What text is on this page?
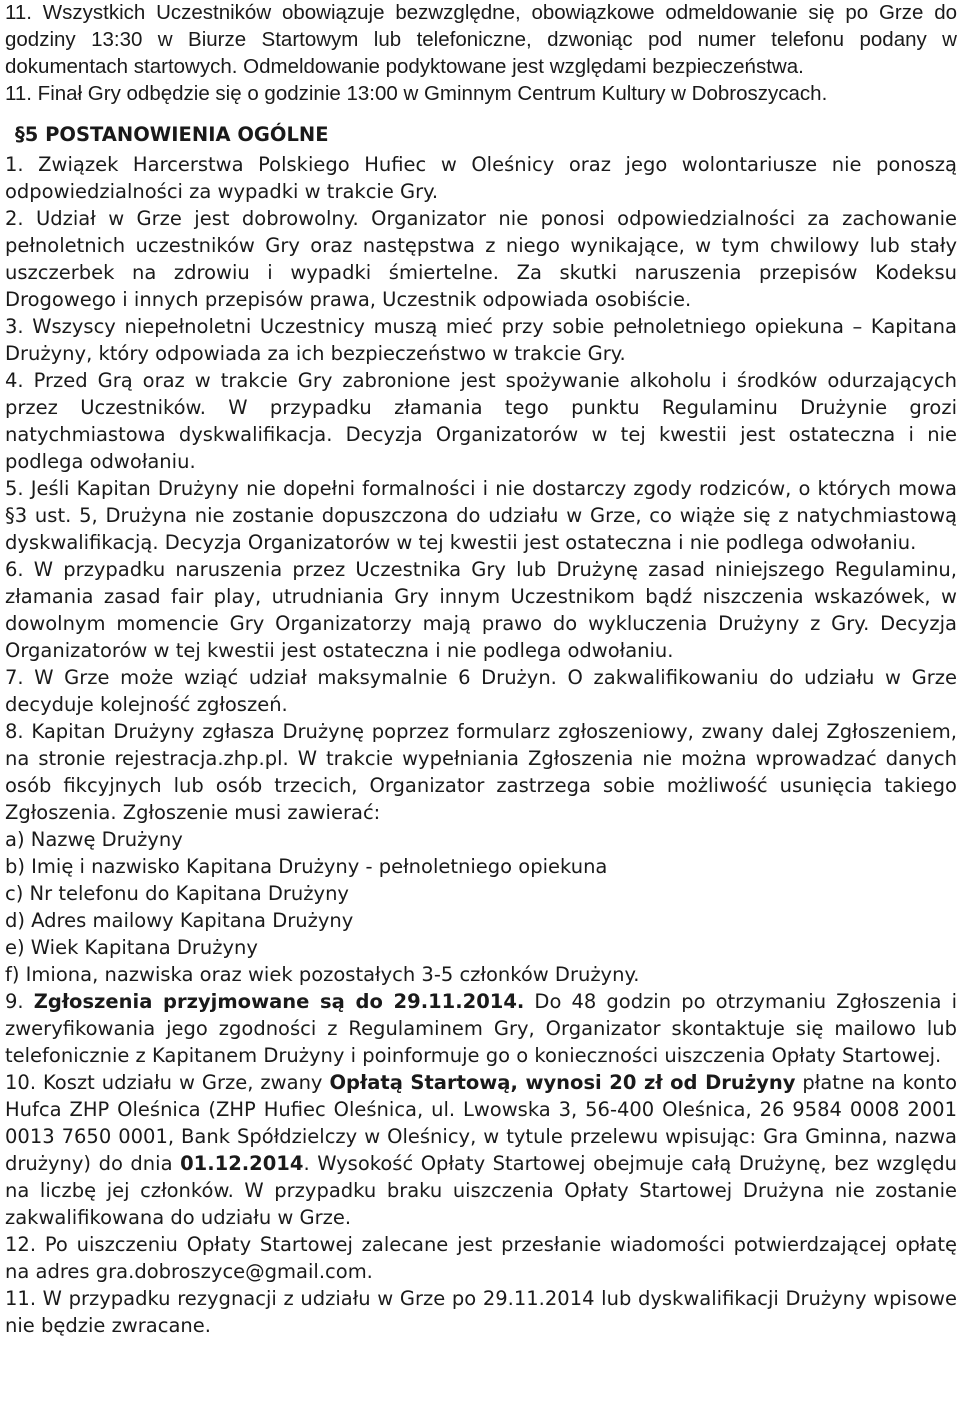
11. Wszystkich Uczestników obowiązuje bezwzględne, obowiązkowe odmeldowanie się po Grze do godziny 13:30 w Biurze Startowym lub telefoniczne, dzwoniąc pod numer telefonu podany w dokumentach startowych. Odmeldowanie podyktowane jest względami bezpieczeństwa.

11. Finał Gry odbędzie się o godzinie 13:00 w Gminnym Centrum Kultury w Dobroszycach.

§5 POSTANOWIENIA OGÓLNE

1. Związek Harcerstwa Polskiego Hufiec w Oleśnicy oraz jego wolontariusze nie ponoszą odpowiedzialności za wypadki w trakcie Gry.

2. Udział w Grze jest dobrowolny. Organizator nie ponosi odpowiedzialności za zachowanie pełnoletnich uczestników Gry oraz następstwa z niego wynikające, w tym chwilowy lub stały uszczerbek na zdrowiu i wypadki śmiertelne. Za skutki naruszenia przepisów Kodeksu Drogowego i innych przepisów prawa, Uczestnik odpowiada osobiście.

3. Wszyscy niepełnoletni Uczestnicy muszą mieć przy sobie pełnoletniego opiekuna – Kapitana Drużyny, który odpowiada za ich bezpieczeństwo w trakcie Gry.

4. Przed Grą oraz w trakcie Gry zabronione jest spożywanie alkoholu i środków odurzających przez Uczestników. W przypadku złamania tego punktu Regulaminu Drużynie grozi natychmiastowa dyskwalifikacja. Decyzja Organizatorów w tej kwestii jest ostateczna i nie podlega odwołaniu.

5. Jeśli Kapitan Drużyny nie dopełni formalności i nie dostarczy zgody rodziców, o których mowa §3 ust. 5, Drużyna nie zostanie dopuszczona do udziału w Grze, co wiąże się z natychmiastową dyskwalifikacją. Decyzja Organizatorów w tej kwestii jest ostateczna i nie podlega odwołaniu.

6. W przypadku naruszenia przez Uczestnika Gry lub Drużynę zasad niniejszego Regulaminu, złamania zasad fair play, utrudniania Gry innym Uczestnikom bądź niszczenia wskazówek, w dowolnym momencie Gry Organizatorzy mają prawo do wykluczenia Drużyny z Gry. Decyzja Organizatorów w tej kwestii jest ostateczna i nie podlega odwołaniu.

7. W Grze może wziąć udział maksymalnie 6 Drużyn. O zakwalifikowaniu do udziału w Grze decyduje kolejność zgłoszeń.

8. Kapitan Drużyny zgłasza Drużynę poprzez formularz zgłoszeniowy, zwany dalej Zgłoszeniem, na stronie rejestracja.zhp.pl. W trakcie wypełniania Zgłoszenia nie można wprowadzać danych osób fikcyjnych lub osób trzecich, Organizator zastrzega sobie możliwość usunięcia takiego Zgłoszenia. Zgłoszenie musi zawierać:

a) Nazwę Drużyny

b) Imię i nazwisko Kapitana Drużyny - pełnoletniego opiekuna

c) Nr telefonu do Kapitana Drużyny

d) Adres mailowy Kapitana Drużyny

e) Wiek Kapitana Drużyny

f) Imiona, nazwiska oraz wiek pozostałych 3-5 członków Drużyny.

9. Zgłoszenia przyjmowane są do 29.11.2014. Do 48 godzin po otrzymaniu Zgłoszenia i zweryfikowania jego zgodności z Regulaminem Gry, Organizator skontaktuje się mailowo lub telefonicznie z Kapitanem Drużyny i poinformuje go o konieczności uiszczenia Opłaty Startowej.

10. Koszt udziału w Grze, zwany Opłatą Startową, wynosi 20 zł od Drużyny płatne na konto Hufca ZHP Oleśnica (ZHP Hufiec Oleśnica, ul. Lwowska 3, 56-400 Oleśnica, 26 9584 0008 2001 0013 7650 0001, Bank Spółdzielczy w Oleśnicy, w tytule przelewu wpisując: Gra Gminna, nazwa drużyny) do dnia 01.12.2014. Wysokość Opłaty Startowej obejmuje całą Drużynę, bez względu na liczbę jej członków. W przypadku braku uiszczenia Opłaty Startowej Drużyna nie zostanie zakwalifikowana do udziału w Grze.

12. Po uiszczeniu Opłaty Startowej zalecane jest przesłanie wiadomości potwierdzającej opłatę na adres gra.dobroszyce@gmail.com.

11. W przypadku rezygnacji z udziału w Grze po 29.11.2014 lub dyskwalifikacji Drużyny wpisowe nie będzie zwracane.
